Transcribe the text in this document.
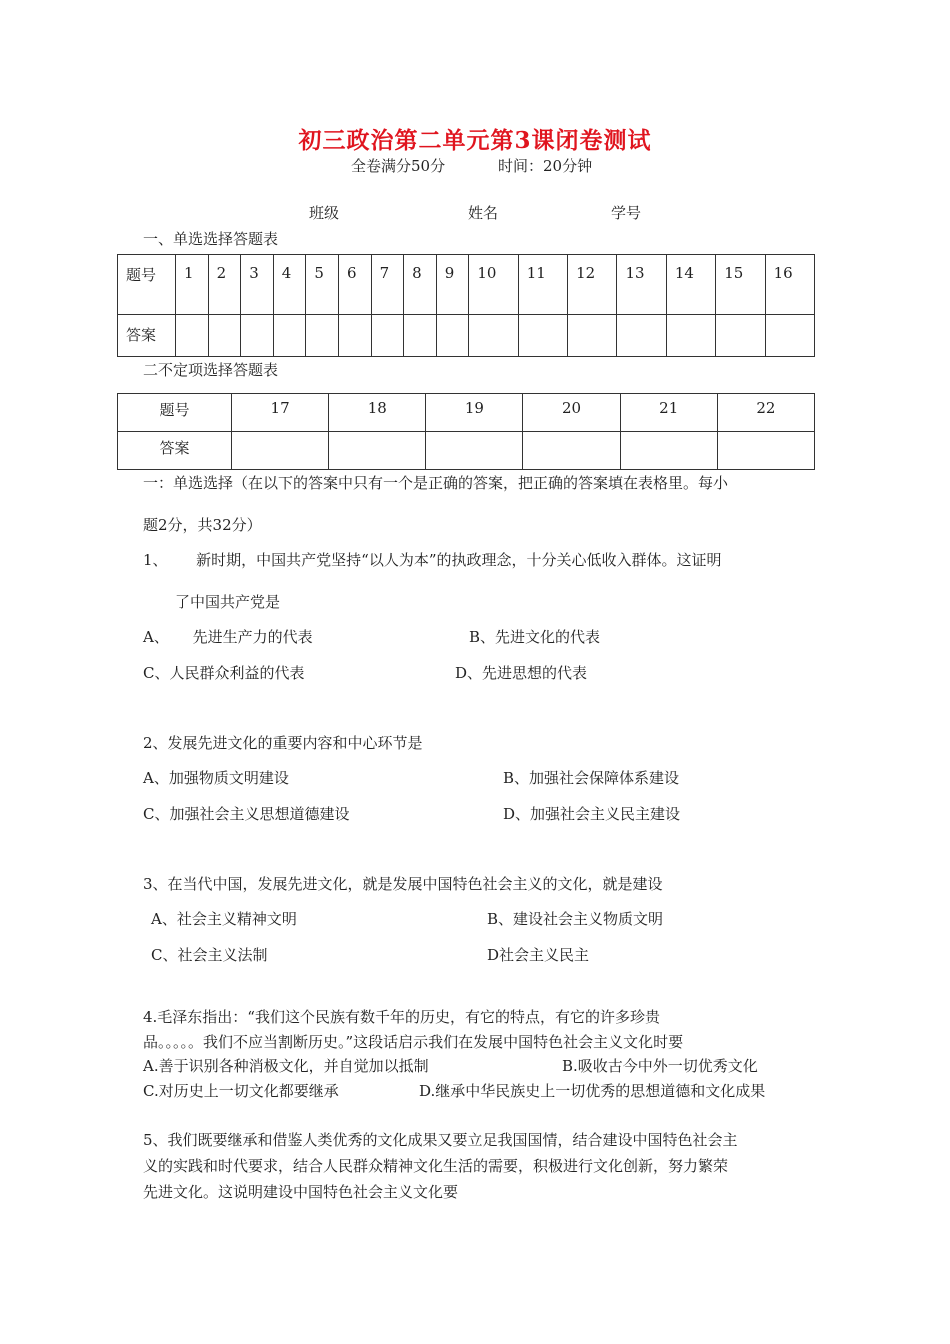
初三政治第二单元第3课闭卷测试
全卷满分50分	时间：20分钟
班级	姓名	学号
一、单选选择答题表
题号	1	2	3	4	5	6	7	8	9	10	11	12	13	14	15	16
答案																
二不定项选择答题表
题号	17	18	19	20	21	22
答案						
一：单选选择（在以下的答案中只有一个是正确的答案，把正确的答案填在表格里。每小
题2分，共32分）
1、      新时期，中国共产党坚持“以人为本”的执政理念，十分关心低收入群体。这证明
了中国共产党是
A、     先进生产力的代表	B、先进文化的代表
C、人民群众利益的代表	D、先进思想的代表
2、发展先进文化的重要内容和中心环节是
A、加强物质文明建设	B、加强社会保障体系建设
C、加强社会主义思想道德建设	D、加强社会主义民主建设
3、在当代中国，发展先进文化，就是发展中国特色社会主义的文化，就是建设
A、社会主义精神文明	B、建设社会主义物质文明
C、社会主义法制	D社会主义民主
4.毛泽东指出：“我们这个民族有数千年的历史，有它的特点，有它的许多珍贵
品。。。。。我们不应当割断历史。”这段话启示我们在发展中国特色社会主义文化时要
A.善于识别各种消极文化，并自觉加以抵制	B.吸收古今中外一切优秀文化
C.对历史上一切文化都要继承	D.继承中华民族史上一切优秀的思想道德和文化成果
5、我们既要继承和借鉴人类优秀的文化成果又要立足我国国情，结合建设中国特色社会主
义的实践和时代要求，结合人民群众精神文化生活的需要，积极进行文化创新，努力繁荣
先进文化。这说明建设中国特色社会主义文化要
